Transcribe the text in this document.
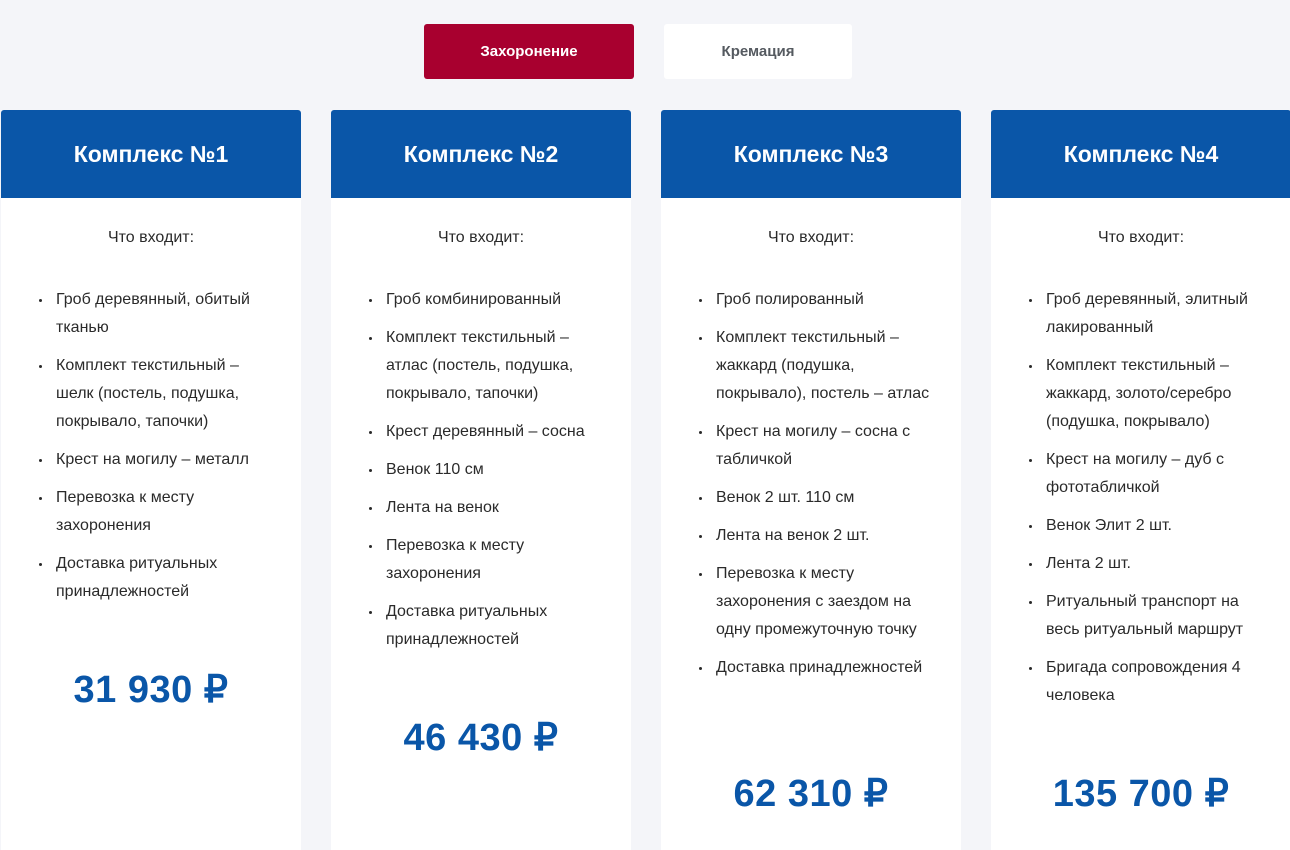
Захоронение	Кремация
Комплекс №1
Что входит:
Гроб деревянный, обитый тканью
Комплект текстильный – шелк (постель, подушка, покрывало, тапочки)
Крест на могилу – металл
Перевозка к месту захоронения
Доставка ритуальных принадлежностей
31 930 ₽
Комплекс №2
Что входит:
Гроб комбинированный
Комплект текстильный – атлас (постель, подушка, покрывало, тапочки)
Крест деревянный – сосна
Венок 110 см
Лента на венок
Перевозка к месту захоронения
Доставка ритуальных принадлежностей
46 430 ₽
Комплекс №3
Что входит:
Гроб полированный
Комплект текстильный – жаккард (подушка, покрывало), постель – атлас
Крест на могилу – сосна с табличкой
Венок 2 шт. 110 см
Лента на венок 2 шт.
Перевозка к месту захоронения с заездом на одну промежуточную точку
Доставка принадлежностей
62 310 ₽
Комплекс №4
Что входит:
Гроб деревянный, элитный лакированный
Комплект текстильный – жаккард, золото/серебро (подушка, покрывало)
Крест на могилу – дуб с фототабличкой
Венок Элит 2 шт.
Лента 2 шт.
Ритуальный транспорт на весь ритуальный маршрут
Бригада сопровождения 4 человека
135 700 ₽
